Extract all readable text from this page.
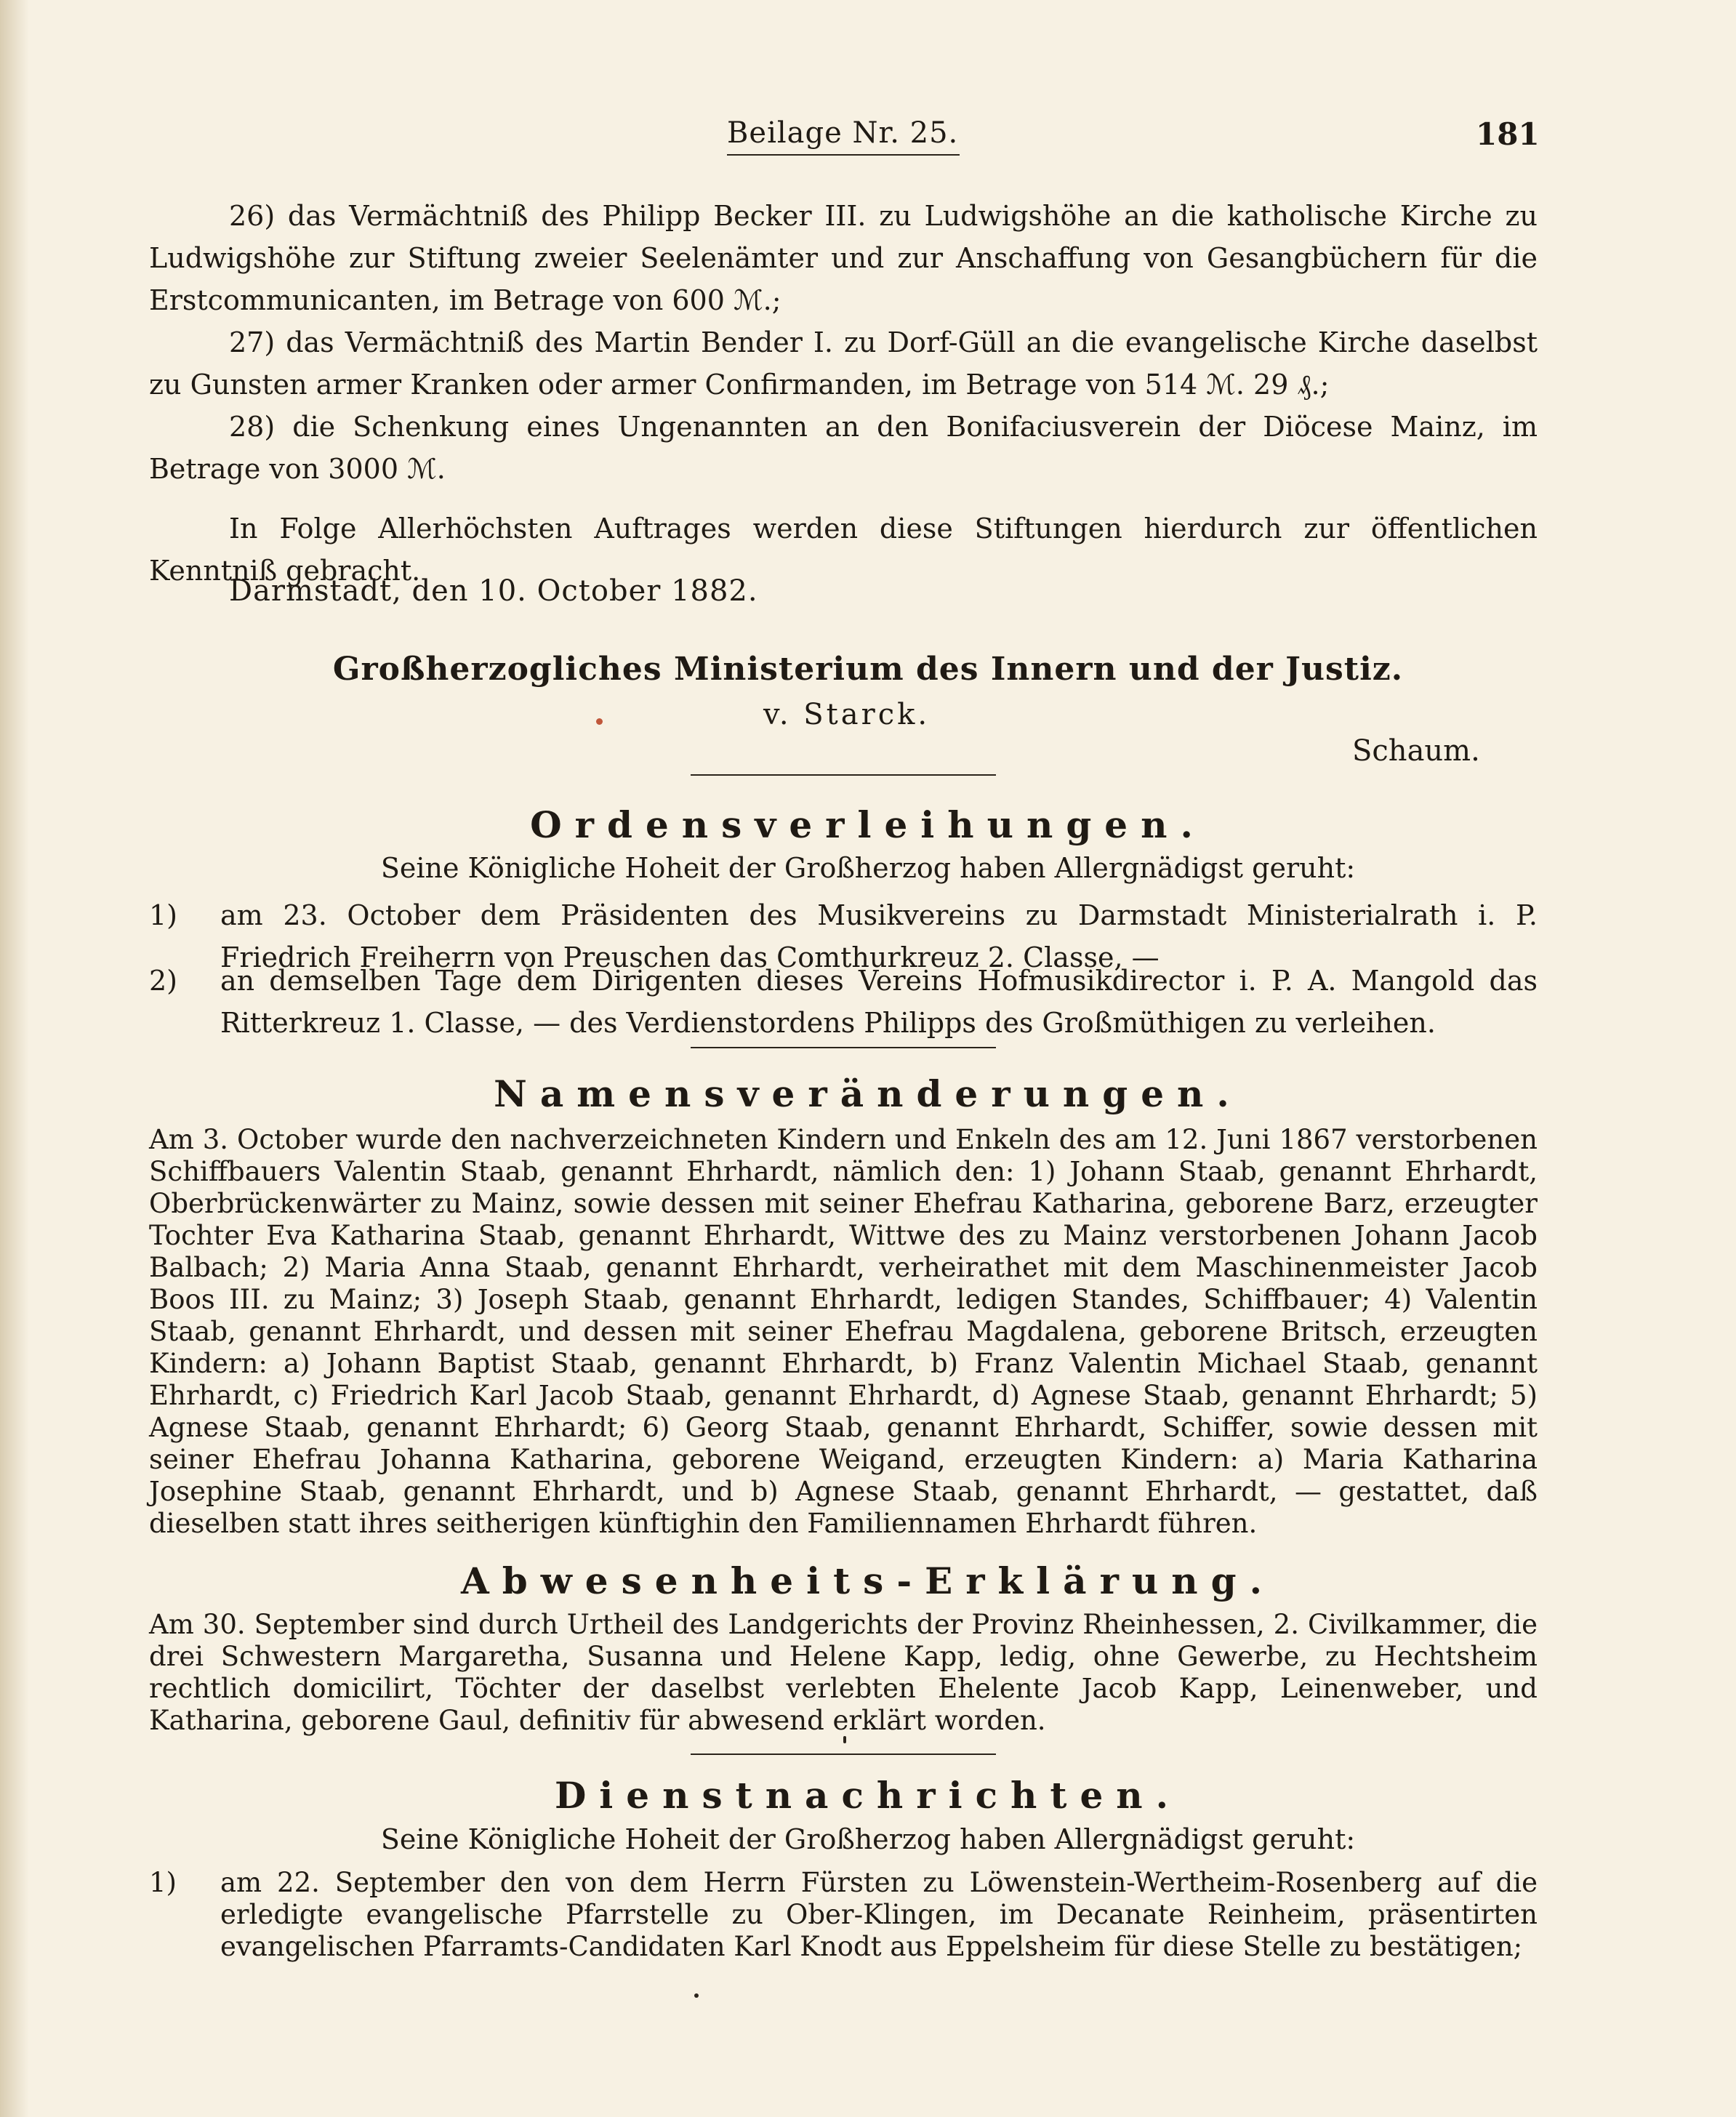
Beilage Nr. 25.	181

26) das Vermächtniß des Philipp Becker III. zu Ludwigshöhe an die katholische Kirche zu Ludwigshöhe zur Stiftung zweier Seelenämter und zur Anschaffung von Gesangbüchern für die Erstcommunicanten, im Betrage von 600 ℳ.;

27) das Vermächtniß des Martin Bender I. zu Dorf-Güll an die evangelische Kirche daselbst zu Gunsten armer Kranken oder armer Confirmanden, im Betrage von 514 ℳ. 29 ₰.;

28) die Schenkung eines Ungenannten an den Bonifaciusverein der Diöcese Mainz, im Betrage von 3000 ℳ.

In Folge Allerhöchsten Auftrages werden diese Stiftungen hierdurch zur öffentlichen Kenntniß gebracht.

Darmstadt, den 10. October 1882.
Großherzogliches Ministerium des Innern und der Justiz.
v. Starck.
Schaum.
Ordensverleihungen.
Seine Königliche Hoheit der Großherzog haben Allergnädigst geruht:
1) am 23. October dem Präsidenten des Musikvereins zu Darmstadt Ministerialrath i. P. Friedrich Freiherrn von Preuschen das Comthurkreuz 2. Classe, —
2) an demselben Tage dem Dirigenten dieses Vereins Hofmusikdirector i. P. A. Mangold das Ritterkreuz 1. Classe, — des Verdienstordens Philipps des Großmüthigen zu verleihen.
Namensveränderungen.
Am 3. October wurde den nachverzeichneten Kindern und Enkeln des am 12. Juni 1867 verstorbenen Schiffbauers Valentin Staab, genannt Ehrhardt, nämlich den: 1) Johann Staab, genannt Ehrhardt, Oberbrückenwärter zu Mainz, sowie dessen mit seiner Ehefrau Katharina, geborene Barz, erzeugter Tochter Eva Katharina Staab, genannt Ehrhardt, Wittwe des zu Mainz verstorbenen Johann Jacob Balbach; 2) Maria Anna Staab, genannt Ehrhardt, verheirathet mit dem Maschinenmeister Jacob Boos III. zu Mainz; 3) Joseph Staab, genannt Ehrhardt, ledigen Standes, Schiffbauer; 4) Valentin Staab, genannt Ehrhardt, und dessen mit seiner Ehefrau Magdalena, geborene Britsch, erzeugten Kindern: a) Johann Baptist Staab, genannt Ehrhardt, b) Franz Valentin Michael Staab, genannt Ehrhardt, c) Friedrich Karl Jacob Staab, genannt Ehrhardt, d) Agnese Staab, genannt Ehrhardt; 5) Agnese Staab, genannt Ehrhardt; 6) Georg Staab, genannt Ehrhardt, Schiffer, sowie dessen mit seiner Ehefrau Johanna Katharina, geborene Weigand, erzeugten Kindern: a) Maria Katharina Josephine Staab, genannt Ehrhardt, und b) Agnese Staab, genannt Ehrhardt, — gestattet, daß dieselben statt ihres seitherigen künftighin den Familiennamen Ehrhardt führen.
Abwesenheits-Erklärung.
Am 30. September sind durch Urtheil des Landgerichts der Provinz Rheinhessen, 2. Civilkammer, die drei Schwestern Margaretha, Susanna und Helene Kapp, ledig, ohne Gewerbe, zu Hechtsheim rechtlich domicilirt, Töchter der daselbst verlebten Ehelente Jacob Kapp, Leinenweber, und Katharina, geborene Gaul, definitiv für abwesend erklärt worden.
Dienstnachrichten.
Seine Königliche Hoheit der Großherzog haben Allergnädigst geruht:
1) am 22. September den von dem Herrn Fürsten zu Löwenstein-Wertheim-Rosenberg auf die erledigte evangelische Pfarrstelle zu Ober-Klingen, im Decanate Reinheim, präsentirten evangelischen Pfarramts-Candidaten Karl Knodt aus Eppelsheim für diese Stelle zu bestätigen;
